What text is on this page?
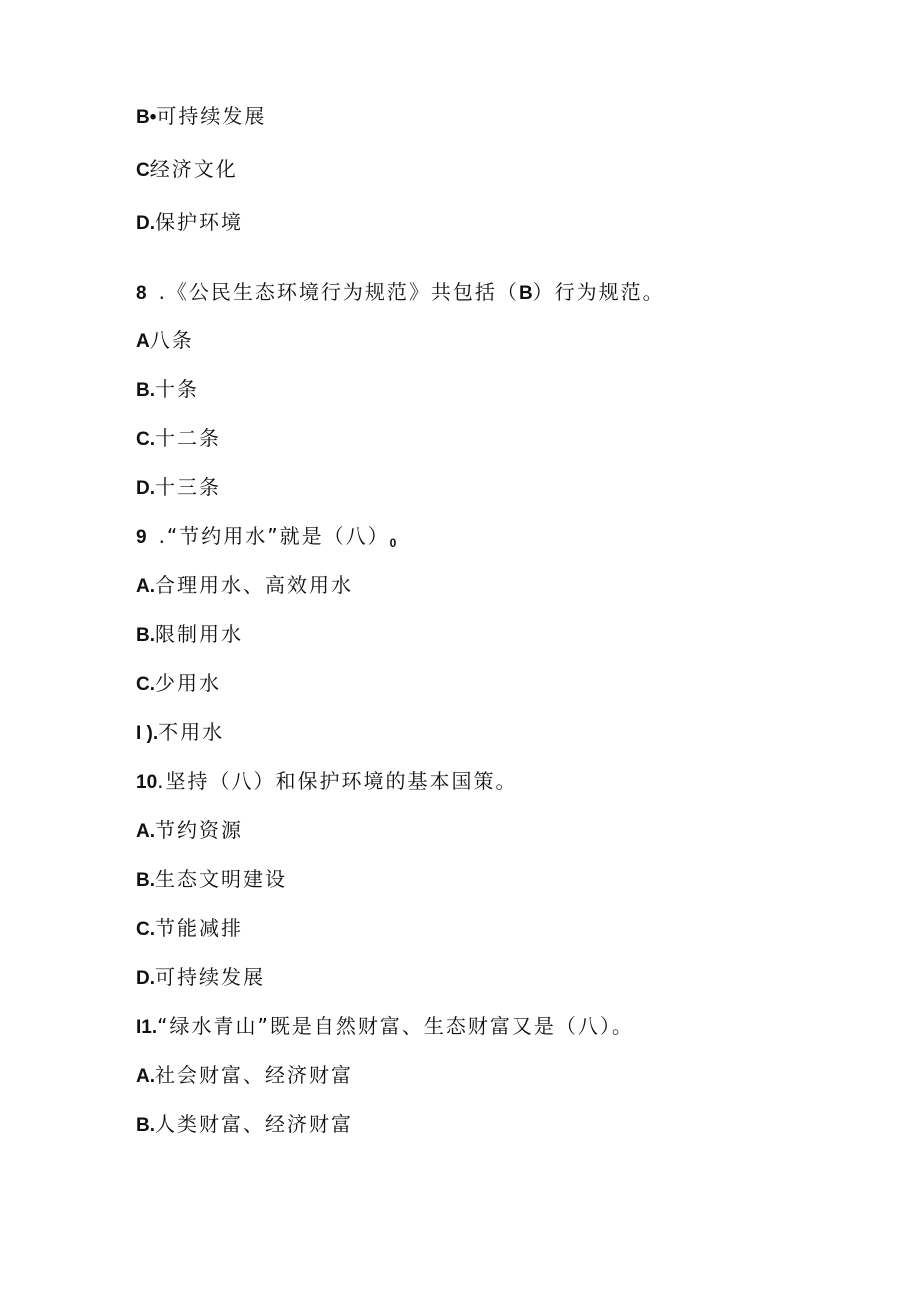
B•可持续发展
C经济文化
D.保护环境
8 .《公民生态环境行为规范》共包括（B）行为规范。
A八条
B.十条
C.十二条
D.十三条
9 .“节约用水”就是（八）$_0$
A.合理用水、高效用水
B.限制用水
C.少用水
I ).不用水
10.坚持（八）和保护环境的基本国策。
A.节约资源
B.生态文明建设
C.节能减排
D.可持续发展
I1.“绿水青山”既是自然财富、生态财富又是（八）。
A.社会财富、经济财富
B.人类财富、经济财富
